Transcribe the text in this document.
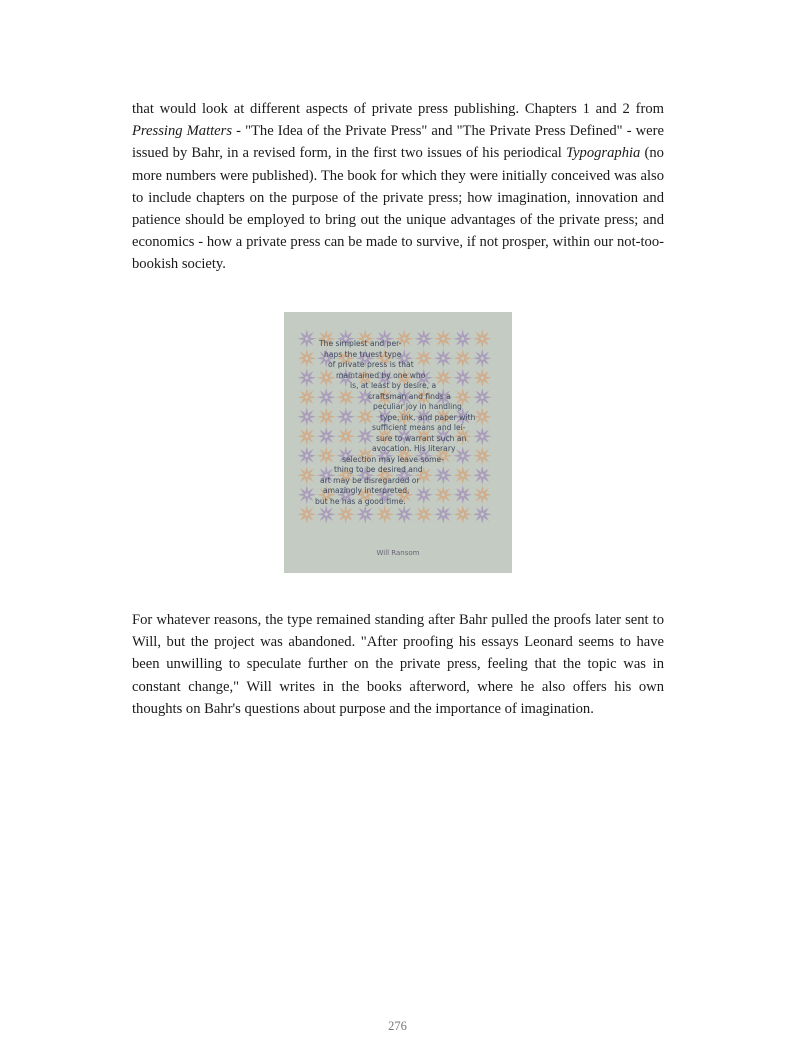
that would look at different aspects of private press publishing. Chapters 1 and 2 from Pressing Matters - "The Idea of the Private Press" and "The Private Press Defined" - were issued by Bahr, in a revised form, in the first two issues of his periodical Typographia (no more numbers were published). The book for which they were initially conceived was also to include chapters on the purpose of the private press; how imagination, innovation and patience should be employed to bring out the unique advantages of the private press; and economics - how a private press can be made to survive, if not prosper, within our not-too-bookish society.

The simplest and per-
haps the truest type
of private press is that
maintained by one who
is, at least by desire, a
craftsman and finds a
peculiar joy in handling
type, ink, and paper with
sufficient means and lei-
sure to warrant such an
avocation. His literary
selection may leave some-
thing to be desired and
art may be disregarded or
amazingly interpreted,
but he has a good time.
Will Ransom

For whatever reasons, the type remained standing after Bahr pulled the proofs later sent to Will, but the project was abandoned. "After proofing his essays Leonard seems to have been unwilling to speculate further on the private press, feeling that the topic was in constant change," Will writes in the books afterword, where he also offers his own thoughts on Bahr's questions about purpose and the importance of imagination.

276
